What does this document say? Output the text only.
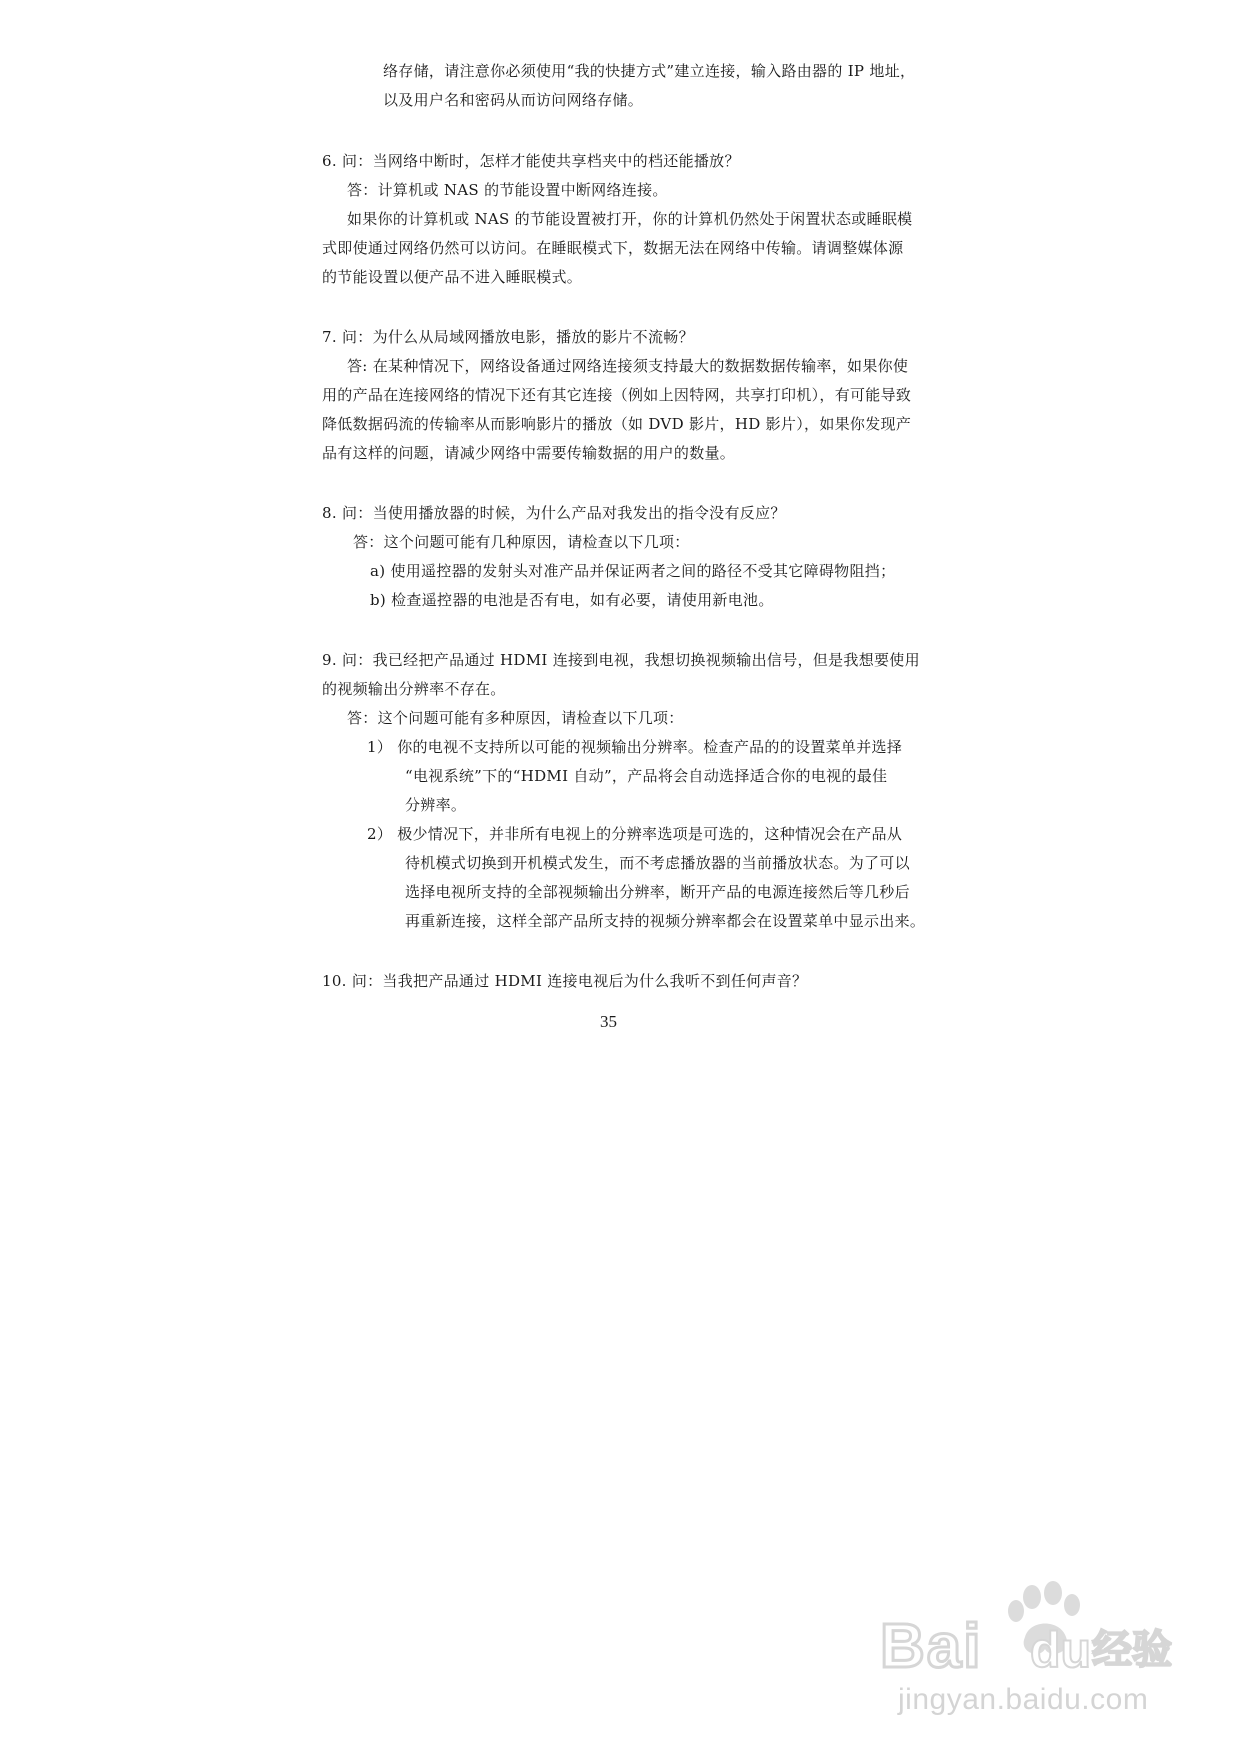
络存储，请注意你必须使用“我的快捷方式”建立连接，输入路由器的 IP 地址，
以及用户名和密码从而访问网络存储。
6. 问：当网络中断时，怎样才能使共享档夹中的档还能播放？
答：计算机或 NAS 的节能设置中断网络连接。
如果你的计算机或 NAS 的节能设置被打开，你的计算机仍然处于闲置状态或睡眠模
式即使通过网络仍然可以访问。在睡眠模式下，数据无法在网络中传输。请调整媒体源
的节能设置以便产品不进入睡眠模式。
7. 问：为什么从局域网播放电影，播放的影片不流畅？
答: 在某种情况下，网络设备通过网络连接须支持最大的数据数据传输率，如果你使
用的产品在连接网络的情况下还有其它连接（例如上因特网，共享打印机），有可能导致
降低数据码流的传输率从而影响影片的播放（如 DVD 影片，HD 影片），如果你发现产
品有这样的问题，请减少网络中需要传输数据的用户的数量。
8. 问：当使用播放器的时候，为什么产品对我发出的指令没有反应？
答：这个问题可能有几种原因，请检查以下几项：
a) 使用遥控器的发射头对准产品并保证两者之间的路径不受其它障碍物阻挡；
b) 检查遥控器的电池是否有电，如有必要，请使用新电池。
9. 问：我已经把产品通过 HDMI 连接到电视，我想切换视频输出信号，但是我想要使用
的视频输出分辨率不存在。
答：这个问题可能有多种原因，请检查以下几项：
1） 你的电视不支持所以可能的视频输出分辨率。检查产品的的设置菜单并选择
“电视系统”下的“HDMI 自动”，产品将会自动选择适合你的电视的最佳
分辨率。
2） 极少情况下，并非所有电视上的分辨率选项是可选的，这种情况会在产品从
待机模式切换到开机模式发生，而不考虑播放器的当前播放状态。为了可以
选择电视所支持的全部视频输出分辨率，断开产品的电源连接然后等几秒后
再重新连接，这样全部产品所支持的视频分辨率都会在设置菜单中显示出来。
10. 问：当我把产品通过 HDMI 连接电视后为什么我听不到任何声音？
35
Bai du 经验
jingyan.baidu.com
